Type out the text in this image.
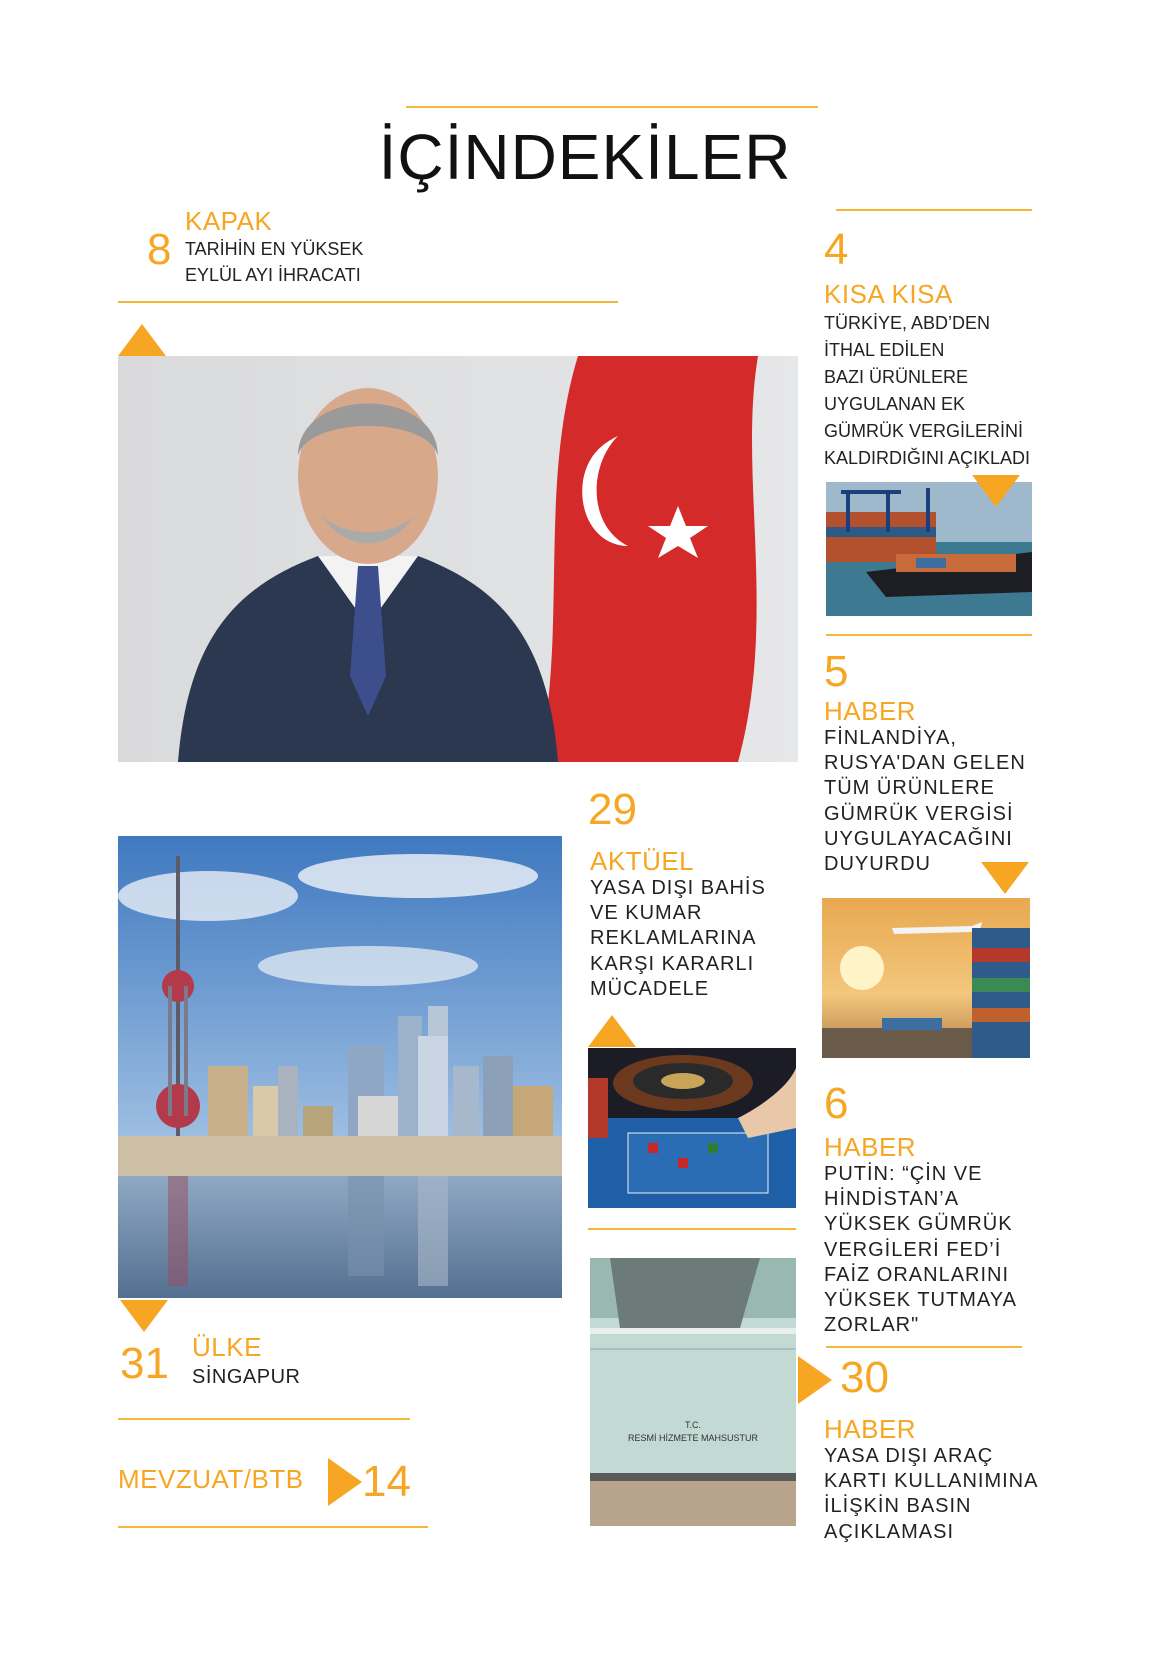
İÇİNDEKİLER
8
KAPAK
TARİHİN EN YÜKSEK
EYLÜL AYI İHRACATI
4
KISA KISA
TÜRKİYE, ABD’DEN
İTHAL EDİLEN
BAZI ÜRÜNLERE
UYGULANAN EK
GÜMRÜK VERGİLERİNİ
KALDIRDIĞINI AÇIKLADI
5
HABER
FİNLANDİYA,
RUSYA'DAN GELEN
TÜM ÜRÜNLERE
GÜMRÜK VERGİSİ
UYGULAYACAĞINI
DUYURDU
29
AKTÜEL
YASA DIŞI BAHİS
VE KUMAR
REKLAMLARINA
KARŞI KARARLI
MÜCADELE
31 ÜLKE
SİNGAPUR
MEVZUAT/BTB 14
T.C.
RESMİ HİZMETE MAHSUSTUR
6
HABER
PUTİN: “ÇİN VE
HİNDİSTAN’A
YÜKSEK GÜMRÜK
VERGİLERİ FED’İ
FAİZ ORANLARINI
YÜKSEK TUTMAYA
ZORLAR"
30
HABER
YASA DIŞI ARAÇ
KARTI KULLANIMINA
İLİŞKİN BASIN
AÇIKLAMASI
